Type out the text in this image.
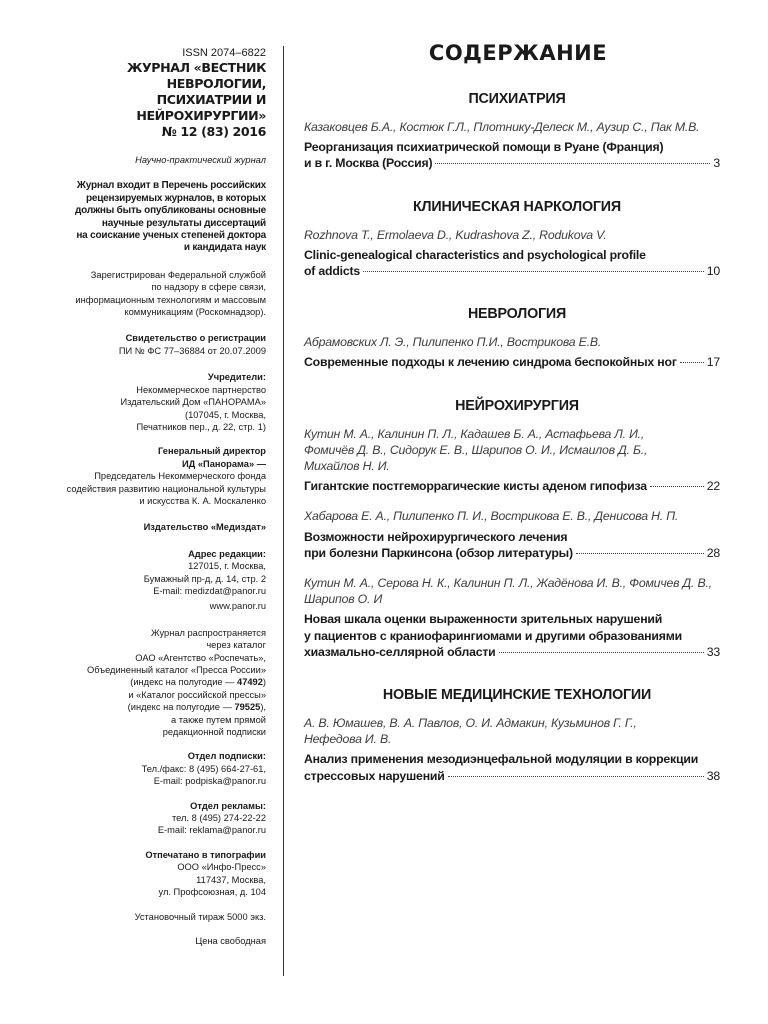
ISSN 2074–6822
ЖУРНАЛ «ВЕСТНИК НЕВРОЛОГИИ,
ПСИХИАТРИИ И НЕЙРОХИРУРГИИ»
№ 12 (83) 2016
Научно-практический журнал
Журнал входит в Перечень российских
рецензируемых журналов, в которых
должны быть опубликованы основные
научные результаты диссертаций
на соискание ученых степеней доктора
и кандидата наук
Зарегистрирован Федеральной службой
по надзору в сфере связи,
информационным технологиям и массовым
коммуникациям (Роскомнадзор).
Свидетельство о регистрации
ПИ № ФС 77–36884 от 20.07.2009
Учредители:
Некоммерческое партнерство
Издательский Дом «ПАНОРАМА»
(107045, г. Москва,
Печатников пер., д. 22, стр. 1)
Генеральный директор
ИД «Панорама» —
Председатель Некоммерческого фонда
содействия развитию национальной культуры
и искусства К. А. Москаленко
Издательство «Медиздат»
Адрес редакции:
127015, г. Москва,
Бумажный пр-д, д. 14, стр. 2
E-mail: medizdat@panor.ru
www.panor.ru
Журнал распространяется
через каталог
ОАО «Агентство «Роспечать»,
Объединенный каталог «Пресса России»
(индекс на полугодие — 47492)
и «Каталог российской прессы»
(индекс на полугодие — 79525),
а также путем прямой
редакционной подписки
Отдел подписки:
Тел./факс: 8 (495) 664-27-61,
E-mail: podpiska@panor.ru
Отдел рекламы:
тел. 8 (495) 274-22-22
E-mail: reklama@panor.ru
Отпечатано в типографии
ООО «Инфо-Пресс»
117437, Москва,
ул. Профсоюзная, д. 104
Установочный тираж 5000 экз.
Цена свободная
СОДЕРЖАНИЕ
ПСИХИАТРИЯ
Казаковцев Б.А., Костюк Г.Л., Плотнику-Делеск М., Аузир С., Пак М.В.
Реорганизация психиатрической помощи в Руане (Франция)
и в г. Москва (Россия)	3
КЛИНИЧЕСКАЯ НАРКОЛОГИЯ
Rozhnova T., Ermolaeva D., Kudrashova Z., Rodukova V.
Clinic-genealogical characteristics and psychological profile
of addicts	10
НЕВРОЛОГИЯ
Абрамовских Л. Э., Пилипенко П.И., Вострикова Е.В.
Современные подходы к лечению синдрома беспокойных ног 17
НЕЙРОХИРУРГИЯ
Кутин М. А., Калинин П. Л., Кадашев Б. А., Астафьева Л. И.,
Фомичёв Д. В., Сидорук Е. В., Шарипов О. И., Исмаилов Д. Б.,
Михайлов Н. И.
Гигантские постгеморрагические кисты аденом гипофиза	22
Хабарова Е. А., Пилипенко П. И., Вострикова Е. В., Денисова Н. П.
Возможности нейрохирургического лечения
при болезни Паркинсона (обзор литературы)	28
Кутин М. А., Серова Н. К., Калинин П. Л., Жадёнова И. В., Фомичев Д. В.,
Шарипов О. И
Новая шкала оценки выраженности зрительных нарушений
у пациентов с краниофарингиомами и другими образованиями
хиазмально-селлярной области	33
НОВЫЕ МЕДИЦИНСКИЕ ТЕХНОЛОГИИ
А. В. Юмашев, В. А. Павлов, О. И. Адмакин, Кузьминов Г. Г.,
Нефедова И. В.
Анализ применения мезодиэнцефальной модуляции в коррекции
стрессовых нарушений	38
